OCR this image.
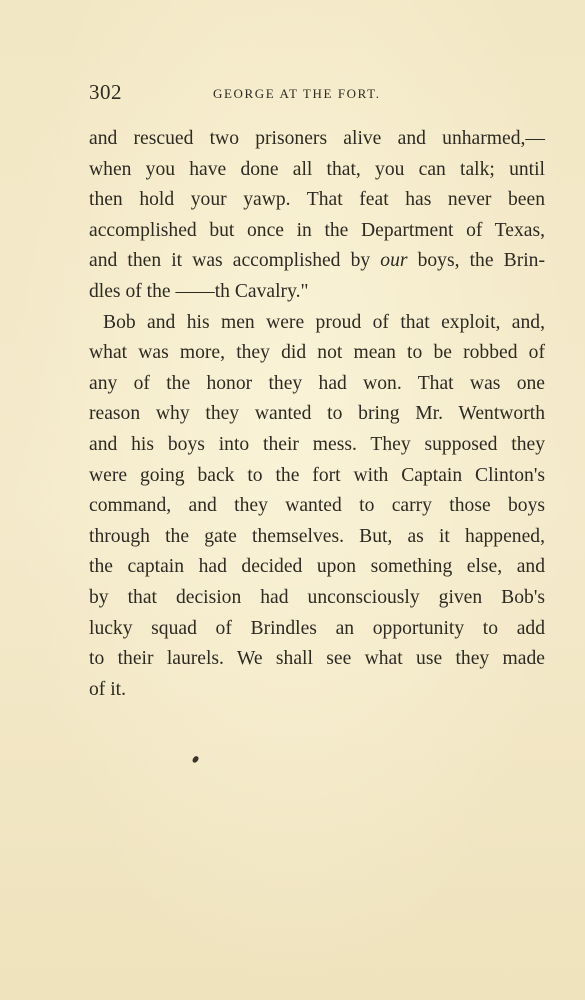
302	GEORGE AT THE FORT.
and rescued two prisoners alive and unharmed,—
when you have done all that, you can talk; until
then hold your yawp. That feat has never been
accomplished but once in the Department of Texas,
and then it was accomplished by our boys, the Brin-
dles of the ——th Cavalry."
Bob and his men were proud of that exploit, and,
what was more, they did not mean to be robbed of
any of the honor they had won. That was one
reason why they wanted to bring Mr. Wentworth
and his boys into their mess. They supposed they
were going back to the fort with Captain Clinton's
command, and they wanted to carry those boys
through the gate themselves. But, as it happened,
the captain had decided upon something else, and
by that decision had unconsciously given Bob's
lucky squad of Brindles an opportunity to add
to their laurels. We shall see what use they made
of it.
